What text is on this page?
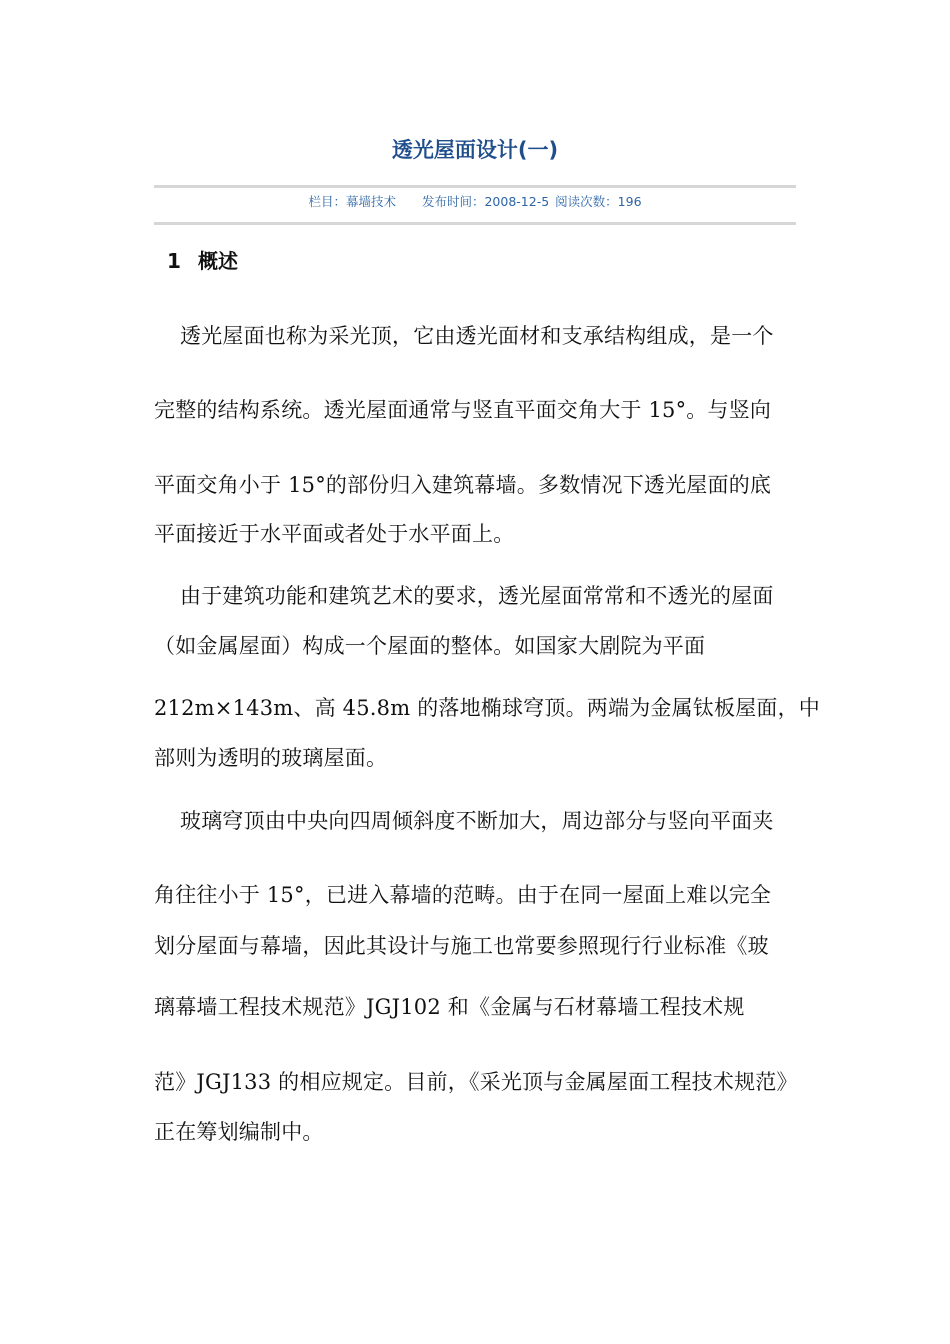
透光屋面设计(一)
栏目：幕墙技术 发布时间：2008-12-5 阅读次数：196
1 概述
透光屋面也称为采光顶，它由透光面材和支承结构组成，是一个
完整的结构系统。透光屋面通常与竖直平面交角大于 15°。与竖向
平面交角小于 15°的部份归入建筑幕墙。多数情况下透光屋面的底
平面接近于水平面或者处于水平面上。
由于建筑功能和建筑艺术的要求，透光屋面常常和不透光的屋面
（如金属屋面）构成一个屋面的整体。如国家大剧院为平面
212m×143m、高 45.8m 的落地椭球穹顶。两端为金属钛板屋面，中
部则为透明的玻璃屋面。
玻璃穹顶由中央向四周倾斜度不断加大，周边部分与竖向平面夹
角往往小于 15°，已进入幕墙的范畴。由于在同一屋面上难以完全
划分屋面与幕墙，因此其设计与施工也常要参照现行行业标准《玻
璃幕墙工程技术规范》JGJ102 和《金属与石材幕墙工程技术规
范》JGJ133 的相应规定。目前，《采光顶与金属屋面工程技术规范》
正在筹划编制中。
